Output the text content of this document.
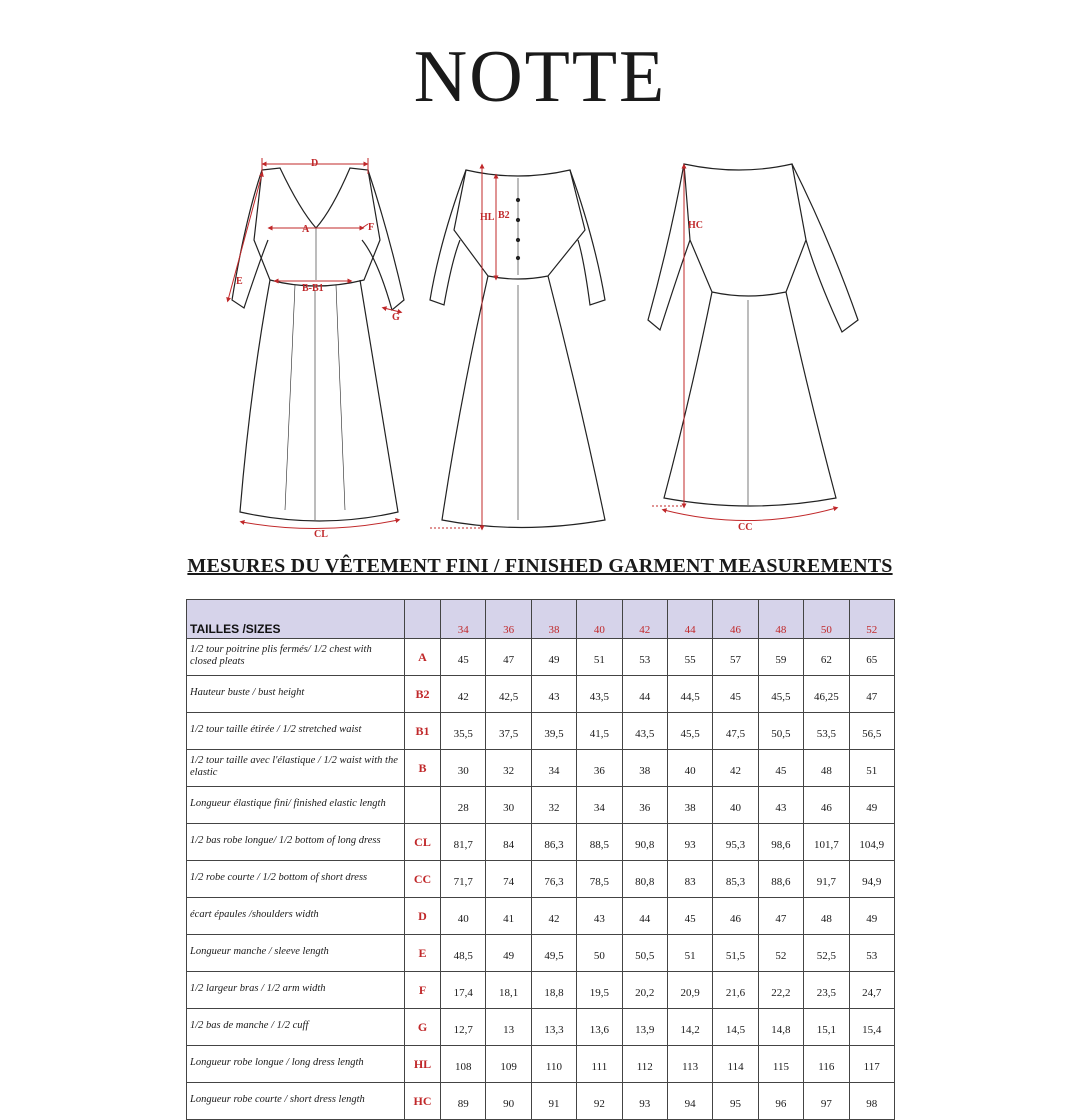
NOTTE
D
A	F
E
B-B1
G
CL
HL B2
HC
CC
MESURES DU VÊTEMENT FINI / FINISHED GARMENT MEASUREMENTS
TAILLES /SIZES		34	36	38	40	42	44	46	48	50	52
1/2 tour poitrine plis fermés/ 1/2 chest with closed pleats	A	45	47	49	51	53	55	57	59	62	65
Hauteur buste / bust height	B2	42	42,5	43	43,5	44	44,5	45	45,5	46,25	47
1/2 tour taille étirée / 1/2 stretched waist	B1	35,5	37,5	39,5	41,5	43,5	45,5	47,5	50,5	53,5	56,5
1/2 tour taille avec l'élastique / 1/2 waist with the elastic	B	30	32	34	36	38	40	42	45	48	51
Longueur élastique fini/ finished elastic length		28	30	32	34	36	38	40	43	46	49
1/2 bas robe longue/ 1/2 bottom of long dress	CL	81,7	84	86,3	88,5	90,8	93	95,3	98,6	101,7	104,9
1/2 robe courte / 1/2 bottom of short dress	CC	71,7	74	76,3	78,5	80,8	83	85,3	88,6	91,7	94,9
écart épaules /shoulders width	D	40	41	42	43	44	45	46	47	48	49
Longueur manche / sleeve length	E	48,5	49	49,5	50	50,5	51	51,5	52	52,5	53
1/2 largeur bras / 1/2 arm width	F	17,4	18,1	18,8	19,5	20,2	20,9	21,6	22,2	23,5	24,7
1/2 bas de manche / 1/2 cuff	G	12,7	13	13,3	13,6	13,9	14,2	14,5	14,8	15,1	15,4
Longueur robe longue / long dress length	HL	108	109	110	111	112	113	114	115	116	117
Longueur robe courte / short dress length	HC	89	90	91	92	93	94	95	96	97	98
